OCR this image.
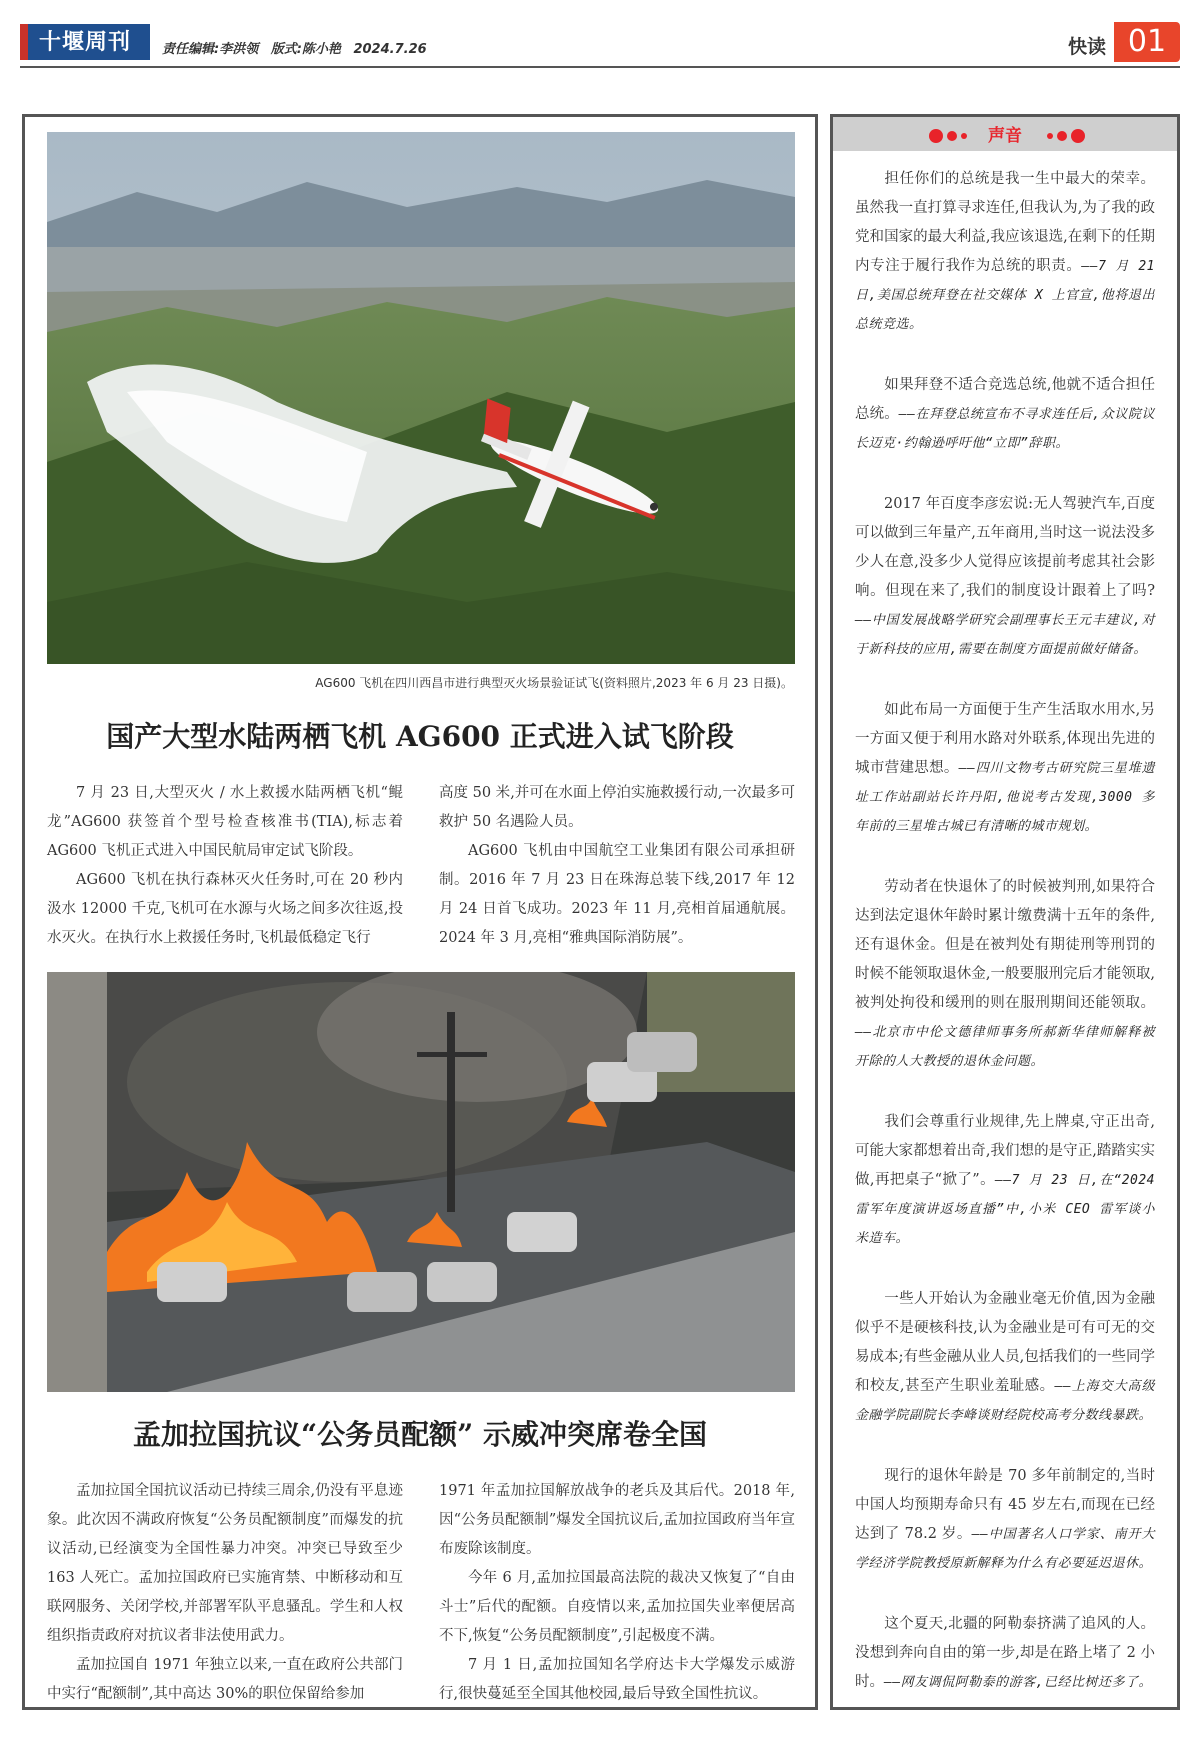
十堰周刊	责任编辑:李洪领 版式:陈小艳 2024.7.26	快读 01
AG600 飞机在四川西昌市进行典型灭火场景验证试飞(资料照片,2023 年 6 月 23 日摄)。
国产大型水陆两栖飞机 AG600 正式进入试飞阶段

7 月 23 日,大型灭火 / 水上救援水陆两栖飞机“鲲龙”AG600 获签首个型号检查核准书(TIA),标志着 AG600 飞机正式进入中国民航局审定试飞阶段。

AG600 飞机在执行森林灭火任务时,可在 20 秒内汲水 12000 千克,飞机可在水源与火场之间多次往返,投水灭火。在执行水上救援任务时,飞机最低稳定飞行

高度 50 米,并可在水面上停泊实施救援行动,一次最多可救护 50 名遇险人员。

AG600 飞机由中国航空工业集团有限公司承担研制。2016 年 7 月 23 日在珠海总装下线,2017 年 12 月 24 日首飞成功。2023 年 11 月,亮相首届通航展。2024 年 3 月,亮相“雅典国际消防展”。

孟加拉国抗议“公务员配额” 示威冲突席卷全国

孟加拉国全国抗议活动已持续三周余,仍没有平息迹象。此次因不满政府恢复“公务员配额制度”而爆发的抗议活动,已经演变为全国性暴力冲突。冲突已导致至少 163 人死亡。孟加拉国政府已实施宵禁、中断移动和互联网服务、关闭学校,并部署军队平息骚乱。学生和人权组织指责政府对抗议者非法使用武力。

孟加拉国自 1971 年独立以来,一直在政府公共部门中实行“配额制”,其中高达 30%的职位保留给参加

1971 年孟加拉国解放战争的老兵及其后代。2018 年,因“公务员配额制”爆发全国抗议后,孟加拉国政府当年宣布废除该制度。

今年 6 月,孟加拉国最高法院的裁决又恢复了“自由斗士”后代的配额。自疫情以来,孟加拉国失业率便居高不下,恢复“公务员配额制度”,引起极度不满。

7 月 1 日,孟加拉国知名学府达卡大学爆发示威游行,很快蔓延至全国其他校园,最后导致全国性抗议。

声音

担任你们的总统是我一生中最大的荣幸。虽然我一直打算寻求连任,但我认为,为了我的政党和国家的最大利益,我应该退选,在剩下的任期内专注于履行我作为总统的职责。——7 月 21 日,美国总统拜登在社交媒体 X 上官宣,他将退出总统竞选。

如果拜登不适合竞选总统,他就不适合担任总统。——在拜登总统宣布不寻求连任后,众议院议长迈克·约翰逊呼吁他“立即”辞职。

2017 年百度李彦宏说:无人驾驶汽车,百度可以做到三年量产,五年商用,当时这一说法没多少人在意,没多少人觉得应该提前考虑其社会影响。但现在来了,我们的制度设计跟着上了吗?——中国发展战略学研究会副理事长王元丰建议,对于新科技的应用,需要在制度方面提前做好储备。

如此布局一方面便于生产生活取水用水,另一方面又便于利用水路对外联系,体现出先进的城市营建思想。——四川文物考古研究院三星堆遗址工作站副站长许丹阳,他说考古发现,3000 多年前的三星堆古城已有清晰的城市规划。

劳动者在快退休了的时候被判刑,如果符合达到法定退休年龄时累计缴费满十五年的条件,还有退休金。但是在被判处有期徒刑等刑罚的时候不能领取退休金,一般要服刑完后才能领取,被判处拘役和缓刑的则在服刑期间还能领取。——北京市中伦文德律师事务所郝新华律师解释被开除的人大教授的退休金问题。

我们会尊重行业规律,先上牌桌,守正出奇,可能大家都想着出奇,我们想的是守正,踏踏实实做,再把桌子“掀了”。——7 月 23 日,在“2024 雷军年度演讲返场直播”中,小米 CEO 雷军谈小米造车。

一些人开始认为金融业毫无价值,因为金融似乎不是硬核科技,认为金融业是可有可无的交易成本;有些金融从业人员,包括我们的一些同学和校友,甚至产生职业羞耻感。——上海交大高级金融学院副院长李峰谈财经院校高考分数线暴跌。

现行的退休年龄是 70 多年前制定的,当时中国人均预期寿命只有 45 岁左右,而现在已经达到了 78.2 岁。——中国著名人口学家、南开大学经济学院教授原新解释为什么有必要延迟退休。

这个夏天,北疆的阿勒泰挤满了追风的人。没想到奔向自由的第一步,却是在路上堵了 2 小时。——网友调侃阿勒泰的游客,已经比树还多了。
